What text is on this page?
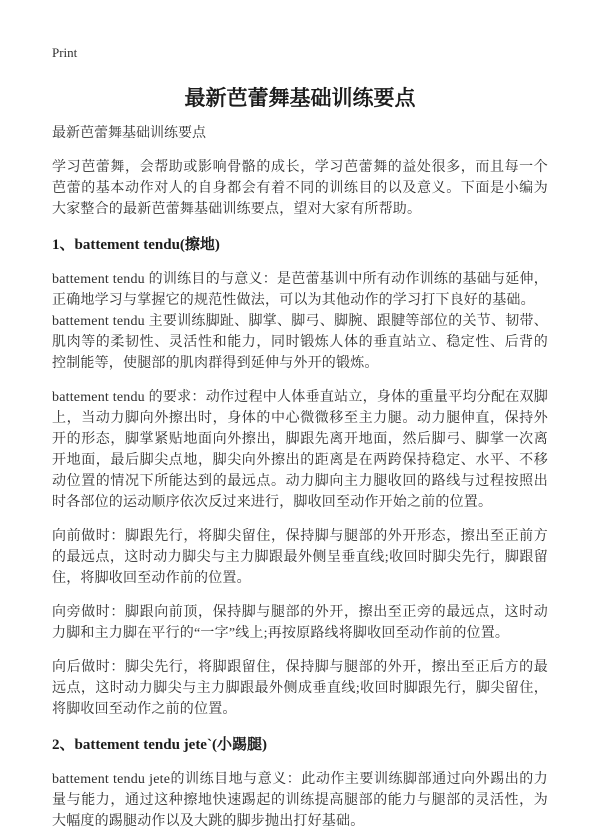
Print
最新芭蕾舞基础训练要点
最新芭蕾舞基础训练要点

学习芭蕾舞，会帮助或影响骨骼的成长，学习芭蕾舞的益处很多，而且每一个芭蕾的基本动作对人的自身都会有着不同的训练目的以及意义。下面是小编为大家整合的最新芭蕾舞基础训练要点，望对大家有所帮助。

1、battement tendu(擦地)

battement tendu 的训练目的与意义：是芭蕾基训中所有动作训练的基础与延伸，正确地学习与掌握它的规范性做法，可以为其他动作的学习打下良好的基础。
battement tendu 主要训练脚趾、脚掌、脚弓、脚腕、跟腱等部位的关节、韧带、肌肉等的柔韧性、灵活性和能力，同时锻炼人体的垂直站立、稳定性、后背的控制能等，使腿部的肌肉群得到延伸与外开的锻炼。

battement tendu 的要求：动作过程中人体垂直站立，身体的重量平均分配在双脚上，当动力脚向外擦出时，身体的中心微微移至主力腿。动力腿伸直，保持外开的形态，脚掌紧贴地面向外擦出，脚跟先离开地面，然后脚弓、脚掌一次离开地面，最后脚尖点地，脚尖向外擦出的距离是在两跨保持稳定、水平、不移动位置的情况下所能达到的最远点。动力脚向主力腿收回的路线与过程按照出时各部位的运动顺序依次反过来进行，脚收回至动作开始之前的位置。

向前做时：脚跟先行，将脚尖留住，保持脚与腿部的外开形态，擦出至正前方的最远点，这时动力脚尖与主力脚跟最外侧呈垂直线;收回时脚尖先行，脚跟留住，将脚收回至动作前的位置。

向旁做时：脚跟向前顶，保持脚与腿部的外开，擦出至正旁的最远点，这时动力脚和主力脚在平行的“一字”线上;再按原路线将脚收回至动作前的位置。

向后做时：脚尖先行，将脚跟留住，保持脚与腿部的外开，擦出至正后方的最远点，这时动力脚尖与主力脚跟最外侧成垂直线;收回时脚跟先行，脚尖留住，将脚收回至动作之前的位置。

2、battement tendu jete`(小踢腿)

battement tendu jete的训练目地与意义：此动作主要训练脚部通过向外踢出的力量与能力，通过这种擦地快速踢起的训练提高腿部的能力与腿部的灵活性，为大幅度的踢腿动作以及大跳的脚步抛出打好基础。
